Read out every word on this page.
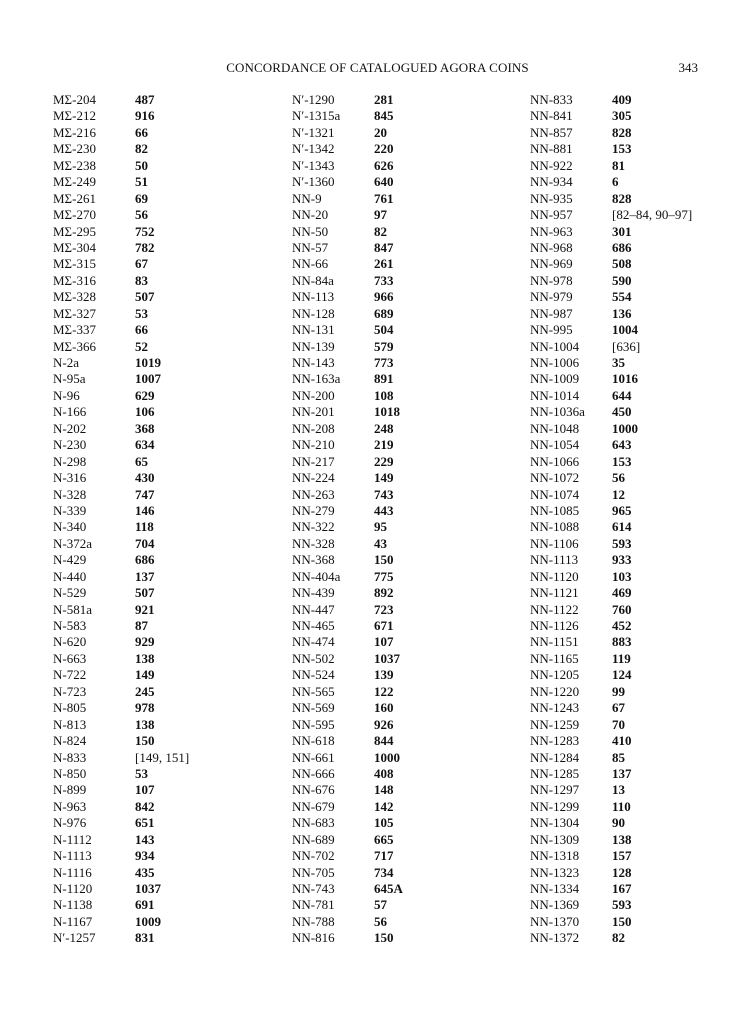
CONCORDANCE OF CATALOGUED AGORA COINS	343
MΣ-204	487
MΣ-212	916
MΣ-216	66
MΣ-230	82
MΣ-238	50
MΣ-249	51
MΣ-261	69
MΣ-270	56
MΣ-295	752
MΣ-304	782
MΣ-315	67
MΣ-316	83
MΣ-328	507
MΣ-327	53
MΣ-337	66
MΣ-366	52
N-2a	1019
N-95a	1007
N-96	629
N-166	106
N-202	368
N-230	634
N-298	65
N-316	430
N-328	747
N-339	146
N-340	118
N-372a	704
N-429	686
N-440	137
N-529	507
N-581a	921
N-583	87
N-620	929
N-663	138
N-722	149
N-723	245
N-805	978
N-813	138
N-824	150
N-833	[149, 151]
N-850	53
N-899	107
N-963	842
N-976	651
N-1112	143
N-1113	934
N-1116	435
N-1120	1037
N-1138	691
N-1167	1009
N′-1257	831
N′-1290	281
N′-1315a	845
N′-1321	20
N′-1342	220
N′-1343	626
N′-1360	640
NN-9	761
NN-20	97
NN-50	82
NN-57	847
NN-66	261
NN-84a	733
NN-113	966
NN-128	689
NN-131	504
NN-139	579
NN-143	773
NN-163a	891
NN-200	108
NN-201	1018
NN-208	248
NN-210	219
NN-217	229
NN-224	149
NN-263	743
NN-279	443
NN-322	95
NN-328	43
NN-368	150
NN-404a	775
NN-439	892
NN-447	723
NN-465	671
NN-474	107
NN-502	1037
NN-524	139
NN-565	122
NN-569	160
NN-595	926
NN-618	844
NN-661	1000
NN-666	408
NN-676	148
NN-679	142
NN-683	105
NN-689	665
NN-702	717
NN-705	734
NN-743	645A
NN-781	57
NN-788	56
NN-816	150
NN-833	409
NN-841	305
NN-857	828
NN-881	153
NN-922	81
NN-934	6
NN-935	828
NN-957	[82–84, 90–97]
NN-963	301
NN-968	686
NN-969	508
NN-978	590
NN-979	554
NN-987	136
NN-995	1004
NN-1004	[636]
NN-1006	35
NN-1009	1016
NN-1014	644
NN-1036a 450
NN-1048	1000
NN-1054	643
NN-1066	153
NN-1072	56
NN-1074	12
NN-1085	965
NN-1088	614
NN-1106	593
NN-1113	933
NN-1120	103
NN-1121	469
NN-1122	760
NN-1126	452
NN-1151	883
NN-1165	119
NN-1205	124
NN-1220	99
NN-1243	67
NN-1259	70
NN-1283	410
NN-1284	85
NN-1285	137
NN-1297	13
NN-1299	110
NN-1304	90
NN-1309	138
NN-1318	157
NN-1323	128
NN-1334	167
NN-1369	593
NN-1370	150
NN-1372	82
